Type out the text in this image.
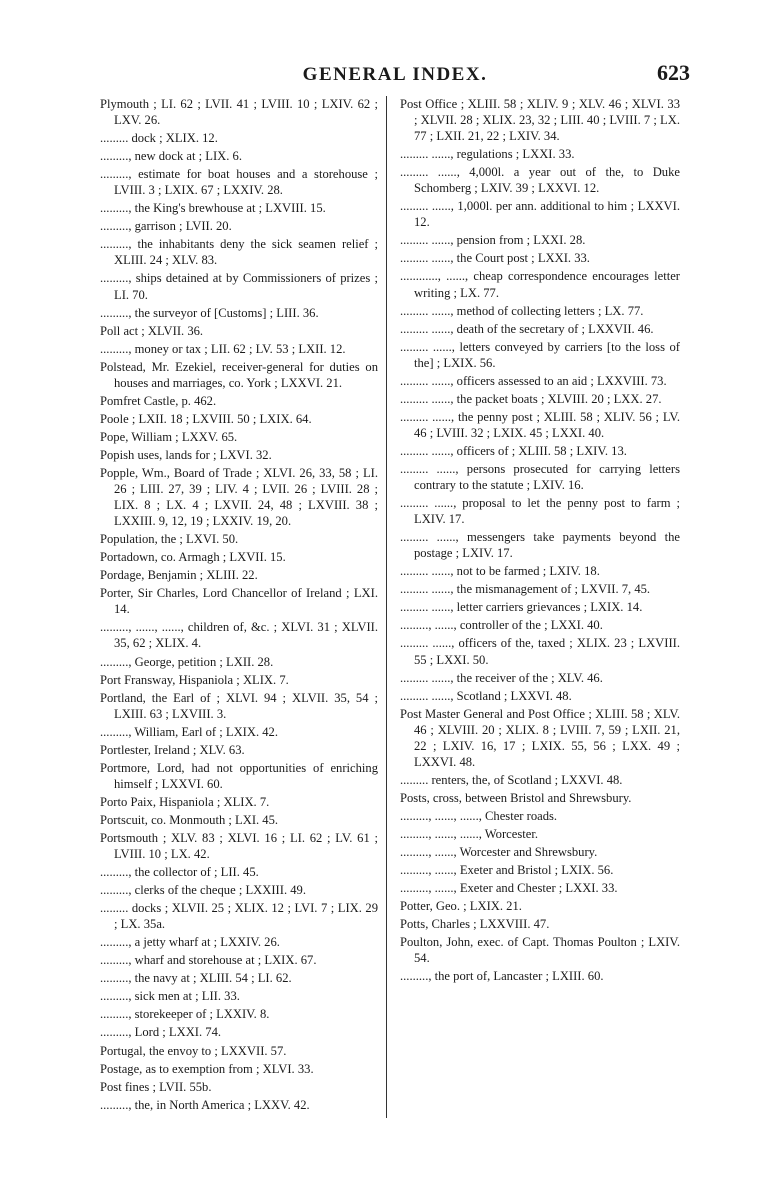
GENERAL INDEX.	623

Plymouth ; LI. 62 ; LVII. 41 ; LVIII. 10 ; LXIV. 62 ; LXV. 26.

......... dock ; XLIX. 12.

........., new dock at ; LIX. 6.

........., estimate for boat houses and a storehouse ; LVIII. 3 ; LXIX. 67 ; LXXIV. 28.

........., the King's brewhouse at ; LXVIII. 15.

........., garrison ; LVII. 20.

........., the inhabitants deny the sick seamen relief ; XLIII. 24 ; XLV. 83.

........., ships detained at by Commissioners of prizes ; LI. 70.

........., the surveyor of [Customs] ; LIII. 36.

Poll act ; XLVII. 36.

........., money or tax ; LII. 62 ; LV. 53 ; LXII. 12.

Polstead, Mr. Ezekiel, receiver-general for duties on houses and marriages, co. York ; LXXVI. 21.

Pomfret Castle, p. 462.

Poole ; LXII. 18 ; LXVIII. 50 ; LXIX. 64.

Pope, William ; LXXV. 65.

Popish uses, lands for ; LXVI. 32.

Popple, Wm., Board of Trade ; XLVI. 26, 33, 58 ; LI. 26 ; LIII. 27, 39 ; LIV. 4 ; LVII. 26 ; LVIII. 28 ; LIX. 8 ; LX. 4 ; LXVII. 24, 48 ; LXVIII. 38 ; LXXIII. 9, 12, 19 ; LXXIV. 19, 20.

Population, the ; LXVI. 50.

Portadown, co. Armagh ; LXVII. 15.

Pordage, Benjamin ; XLIII. 22.

Porter, Sir Charles, Lord Chancellor of Ireland ; LXI. 14.

........., ......, ......, children of, &c. ; XLVI. 31 ; XLVII. 35, 62 ; XLIX. 4.

........., George, petition ; LXII. 28.

Port Fransway, Hispaniola ; XLIX. 7.

Portland, the Earl of ; XLVI. 94 ; XLVII. 35, 54 ; LXIII. 63 ; LXVIII. 3.

........., William, Earl of ; LXIX. 42.

Portlester, Ireland ; XLV. 63.

Portmore, Lord, had not opportunities of enriching himself ; LXXVI. 60.

Porto Paix, Hispaniola ; XLIX. 7.

Portscuit, co. Monmouth ; LXI. 45.

Portsmouth ; XLV. 83 ; XLVI. 16 ; LI. 62 ; LV. 61 ; LVIII. 10 ; LX. 42.

........., the collector of ; LII. 45.

........., clerks of the cheque ; LXXIII. 49.

......... docks ; XLVII. 25 ; XLIX. 12 ; LVI. 7 ; LIX. 29 ; LX. 35a.

........., a jetty wharf at ; LXXIV. 26.

........., wharf and storehouse at ; LXIX. 67.

........., the navy at ; XLIII. 54 ; LI. 62.

........., sick men at ; LII. 33.

........., storekeeper of ; LXXIV. 8.

........., Lord ; LXXI. 74.

Portugal, the envoy to ; LXXVII. 57.

Postage, as to exemption from ; XLVI. 33.

Post fines ; LVII. 55b.

........., the, in North America ; LXXV. 42.

Post Office ; XLIII. 58 ; XLIV. 9 ; XLV. 46 ; XLVI. 33 ; XLVII. 28 ; XLIX. 23, 32 ; LIII. 40 ; LVIII. 7 ; LX. 77 ; LXII. 21, 22 ; LXIV. 34.

......... ......, regulations ; LXXI. 33.

......... ......, 4,000l. a year out of the, to Duke Schomberg ; LXIV. 39 ; LXXVI. 12.

......... ......, 1,000l. per ann. additional to him ; LXXVI. 12.

......... ......, pension from ; LXXI. 28.

......... ......, the Court post ; LXXI. 33.

............, ......, cheap correspondence encourages letter writing ; LX. 77.

......... ......, method of collecting letters ; LX. 77.

......... ......, death of the secretary of ; LXXVII. 46.

......... ......, letters conveyed by carriers [to the loss of the] ; LXIX. 56.

......... ......, officers assessed to an aid ; LXXVIII. 73.

......... ......, the packet boats ; XLVIII. 20 ; LXX. 27.

......... ......, the penny post ; XLIII. 58 ; XLIV. 56 ; LV. 46 ; LVIII. 32 ; LXIX. 45 ; LXXI. 40.

......... ......, officers of ; XLIII. 58 ; LXIV. 13.

......... ......, persons prosecuted for carrying letters contrary to the statute ; LXIV. 16.

......... ......, proposal to let the penny post to farm ; LXIV. 17.

......... ......, messengers take payments beyond the postage ; LXIV. 17.

......... ......, not to be farmed ; LXIV. 18.

......... ......, the mismanagement of ; LXVII. 7, 45.

......... ......, letter carriers grievances ; LXIX. 14.

........., ......, controller of the ; LXXI. 40.

......... ......, officers of the, taxed ; XLIX. 23 ; LXVIII. 55 ; LXXI. 50.

......... ......, the receiver of the ; XLV. 46.

......... ......, Scotland ; LXXVI. 48.

Post Master General and Post Office ; XLIII. 58 ; XLV. 46 ; XLVIII. 20 ; XLIX. 8 ; LVIII. 7, 59 ; LXII. 21, 22 ; LXIV. 16, 17 ; LXIX. 55, 56 ; LXX. 49 ; LXXVI. 48.

......... renters, the, of Scotland ; LXXVI. 48.

Posts, cross, between Bristol and Shrewsbury.

........., ......, ......, Chester roads.

........., ......, ......, Worcester.

........., ......, Worcester and Shrewsbury.

........., ......, Exeter and Bristol ; LXIX. 56.

........., ......, Exeter and Chester ; LXXI. 33.

Potter, Geo. ; LXIX. 21.

Potts, Charles ; LXXVIII. 47.

Poulton, John, exec. of Capt. Thomas Poulton ; LXIV. 54.

........., the port of, Lancaster ; LXIII. 60.
